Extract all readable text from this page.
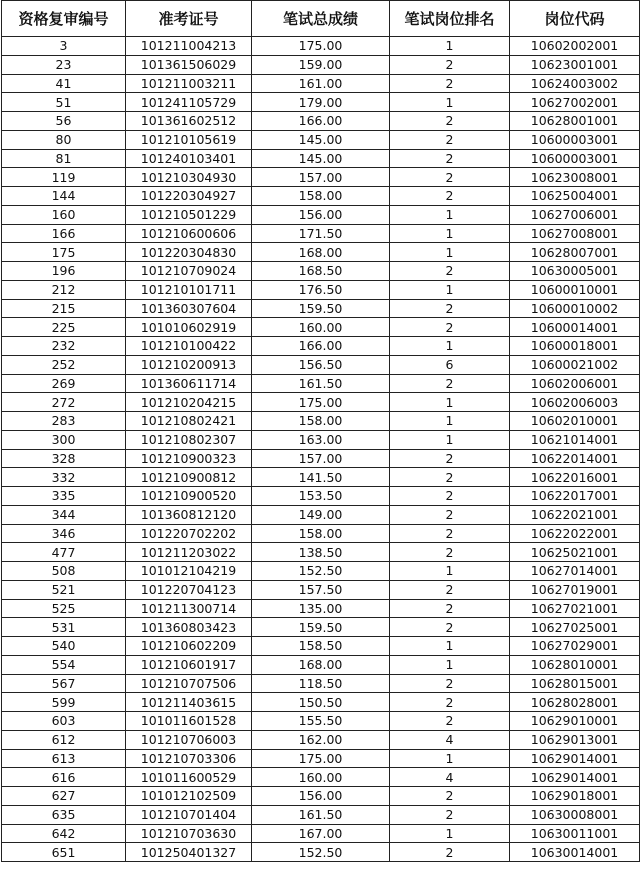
资格复审编号	准考证号	笔试总成绩	笔试岗位排名	岗位代码
3	101211004213	175.00	1	10602002001
23	101361506029	159.00	2	10623001001
41	101211003211	161.00	2	10624003002
51	101241105729	179.00	1	10627002001
56	101361602512	166.00	2	10628001001
80	101210105619	145.00	2	10600003001
81	101240103401	145.00	2	10600003001
119	101210304930	157.00	2	10623008001
144	101220304927	158.00	2	10625004001
160	101210501229	156.00	1	10627006001
166	101210600606	171.50	1	10627008001
175	101220304830	168.00	1	10628007001
196	101210709024	168.50	2	10630005001
212	101210101711	176.50	1	10600010001
215	101360307604	159.50	2	10600010002
225	101010602919	160.00	2	10600014001
232	101210100422	166.00	1	10600018001
252	101210200913	156.50	6	10600021002
269	101360611714	161.50	2	10602006001
272	101210204215	175.00	1	10602006003
283	101210802421	158.00	1	10602010001
300	101210802307	163.00	1	10621014001
328	101210900323	157.00	2	10622014001
332	101210900812	141.50	2	10622016001
335	101210900520	153.50	2	10622017001
344	101360812120	149.00	2	10622021001
346	101220702202	158.00	2	10622022001
477	101211203022	138.50	2	10625021001
508	101012104219	152.50	1	10627014001
521	101220704123	157.50	2	10627019001
525	101211300714	135.00	2	10627021001
531	101360803423	159.50	2	10627025001
540	101210602209	158.50	1	10627029001
554	101210601917	168.00	1	10628010001
567	101210707506	118.50	2	10628015001
599	101211403615	150.50	2	10628028001
603	101011601528	155.50	2	10629010001
612	101210706003	162.00	4	10629013001
613	101210703306	175.00	1	10629014001
616	101011600529	160.00	4	10629014001
627	101012102509	156.00	2	10629018001
635	101210701404	161.50	2	10630008001
642	101210703630	167.00	1	10630011001
651	101250401327	152.50	2	10630014001
